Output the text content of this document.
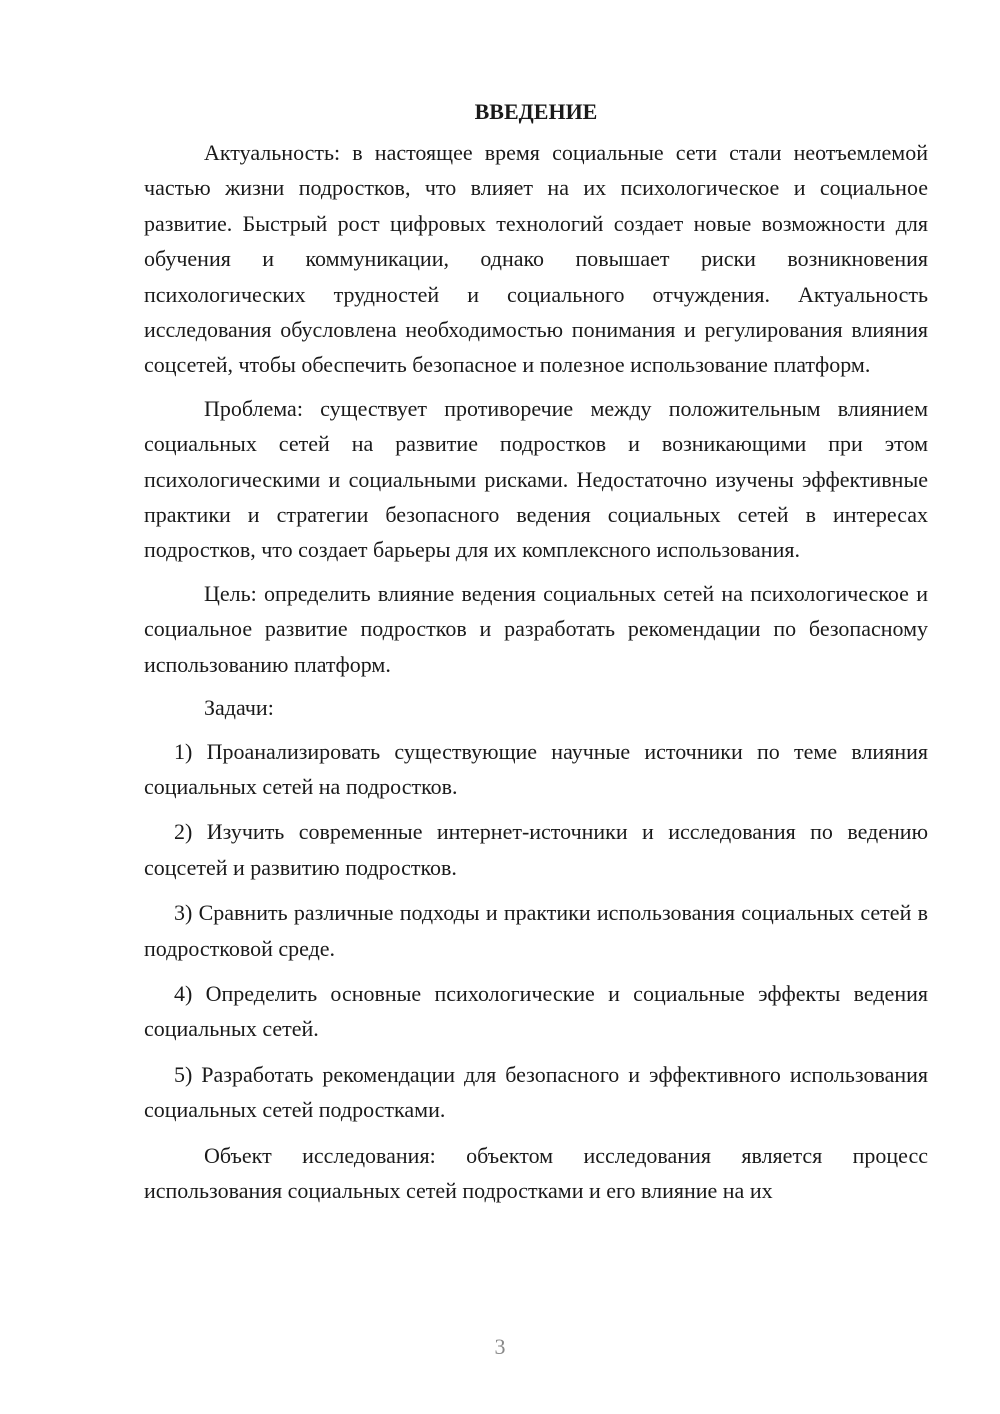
ВВЕДЕНИЕ

Актуальность: в настоящее время социальные сети стали неотъемлемой частью жизни подростков, что влияет на их психологическое и социальное развитие. Быстрый рост цифровых технологий создает новые возможности для обучения и коммуникации, однако повышает риски возникновения психологических трудностей и социального отчуждения. Актуальность исследования обусловлена необходимостью понимания и регулирования влияния соцсетей, чтобы обеспечить безопасное и полезное использование платформ.

Проблема: существует противоречие между положительным влиянием социальных сетей на развитие подростков и возникающими при этом психологическими и социальными рисками. Недостаточно изучены эффективные практики и стратегии безопасного ведения социальных сетей в интересах подростков, что создает барьеры для их комплексного использования.

Цель: определить влияние ведения социальных сетей на психологическое и социальное развитие подростков и разработать рекомендации по безопасному использованию платформ.

Задачи:

1) Проанализировать существующие научные источники по теме влияния социальных сетей на подростков.

2) Изучить современные интернет-источники и исследования по ведению соцсетей и развитию подростков.

3) Сравнить различные подходы и практики использования социальных сетей в подростковой среде.

4) Определить основные психологические и социальные эффекты ведения социальных сетей.

5) Разработать рекомендации для безопасного и эффективного использования социальных сетей подростками.

Объект исследования: объектом исследования является процесс использования социальных сетей подростками и его влияние на их

3
